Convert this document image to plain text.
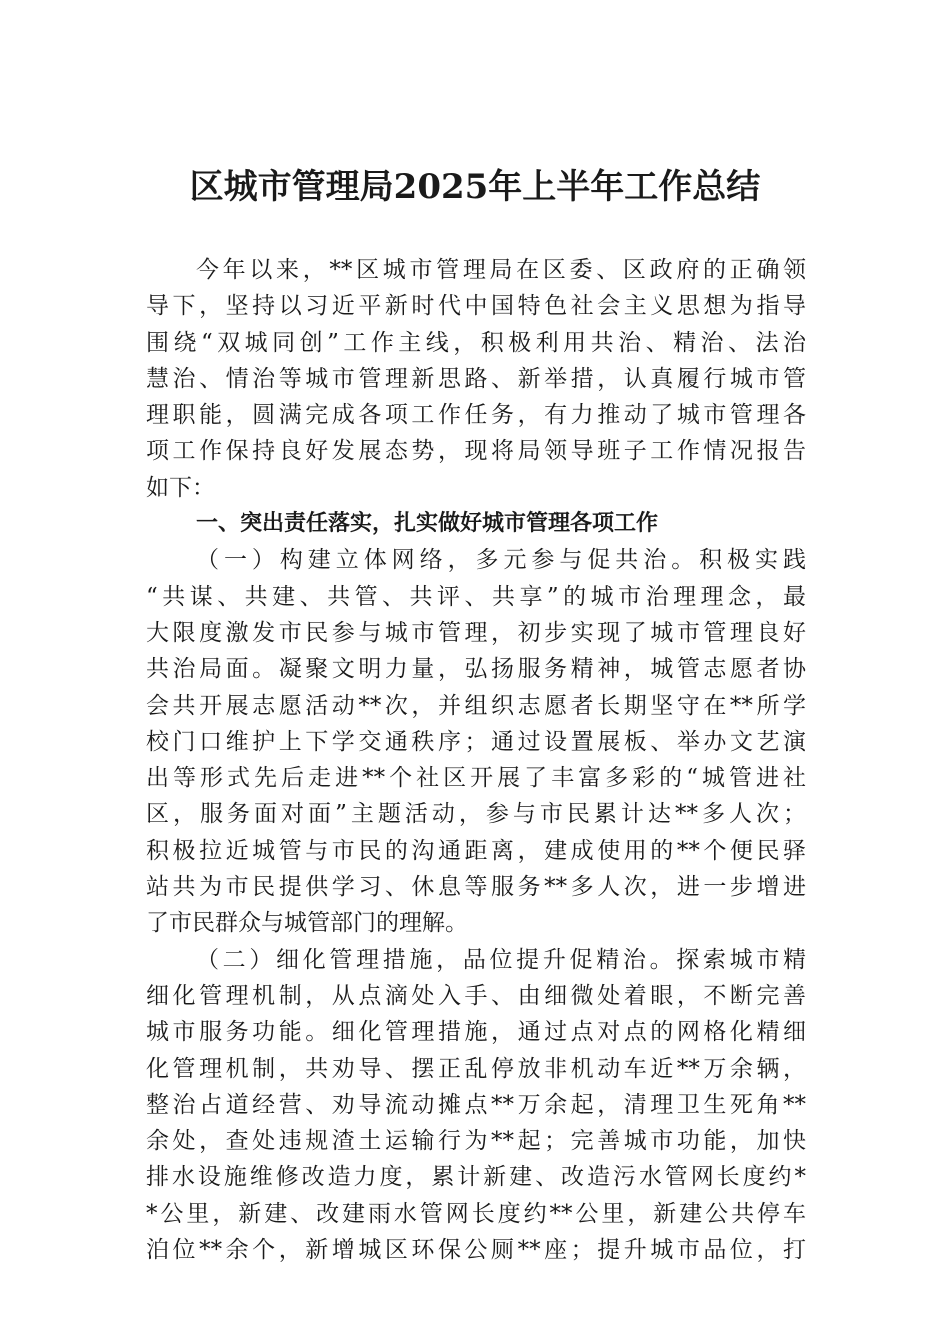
区城市管理局2025年上半年工作总结
今年以来，**区城市管理局在区委、区政府的正确领
导下，坚持以习近平新时代中国特色社会主义思想为指导
围绕“双城同创”工作主线，积极利用共治、精治、法治
慧治、情治等城市管理新思路、新举措，认真履行城市管
理职能，圆满完成各项工作任务，有力推动了城市管理各
项工作保持良好发展态势，现将局领导班子工作情况报告
如下：
一、突出责任落实，扎实做好城市管理各项工作
（一）构建立体网络，多元参与促共治。积极实践
“共谋、共建、共管、共评、共享”的城市治理理念，最
大限度激发市民参与城市管理，初步实现了城市管理良好
共治局面。凝聚文明力量，弘扬服务精神，城管志愿者协
会共开展志愿活动**次，并组织志愿者长期坚守在**所学
校门口维护上下学交通秩序；通过设置展板、举办文艺演
出等形式先后走进**个社区开展了丰富多彩的“城管进社
区，服务面对面”主题活动，参与市民累计达**多人次；
积极拉近城管与市民的沟通距离，建成使用的**个便民驿
站共为市民提供学习、休息等服务**多人次，进一步增进
了市民群众与城管部门的理解。
（二）细化管理措施，品位提升促精治。探索城市精
细化管理机制，从点滴处入手、由细微处着眼，不断完善
城市服务功能。细化管理措施，通过点对点的网格化精细
化管理机制，共劝导、摆正乱停放非机动车近**万余辆，
整治占道经营、劝导流动摊点**万余起，清理卫生死角**
余处，查处违规渣土运输行为**起；完善城市功能，加快
排水设施维修改造力度，累计新建、改造污水管网长度约*
*公里，新建、改建雨水管网长度约**公里，新建公共停车
泊位**余个，新增城区环保公厕**座；提升城市品位，打
